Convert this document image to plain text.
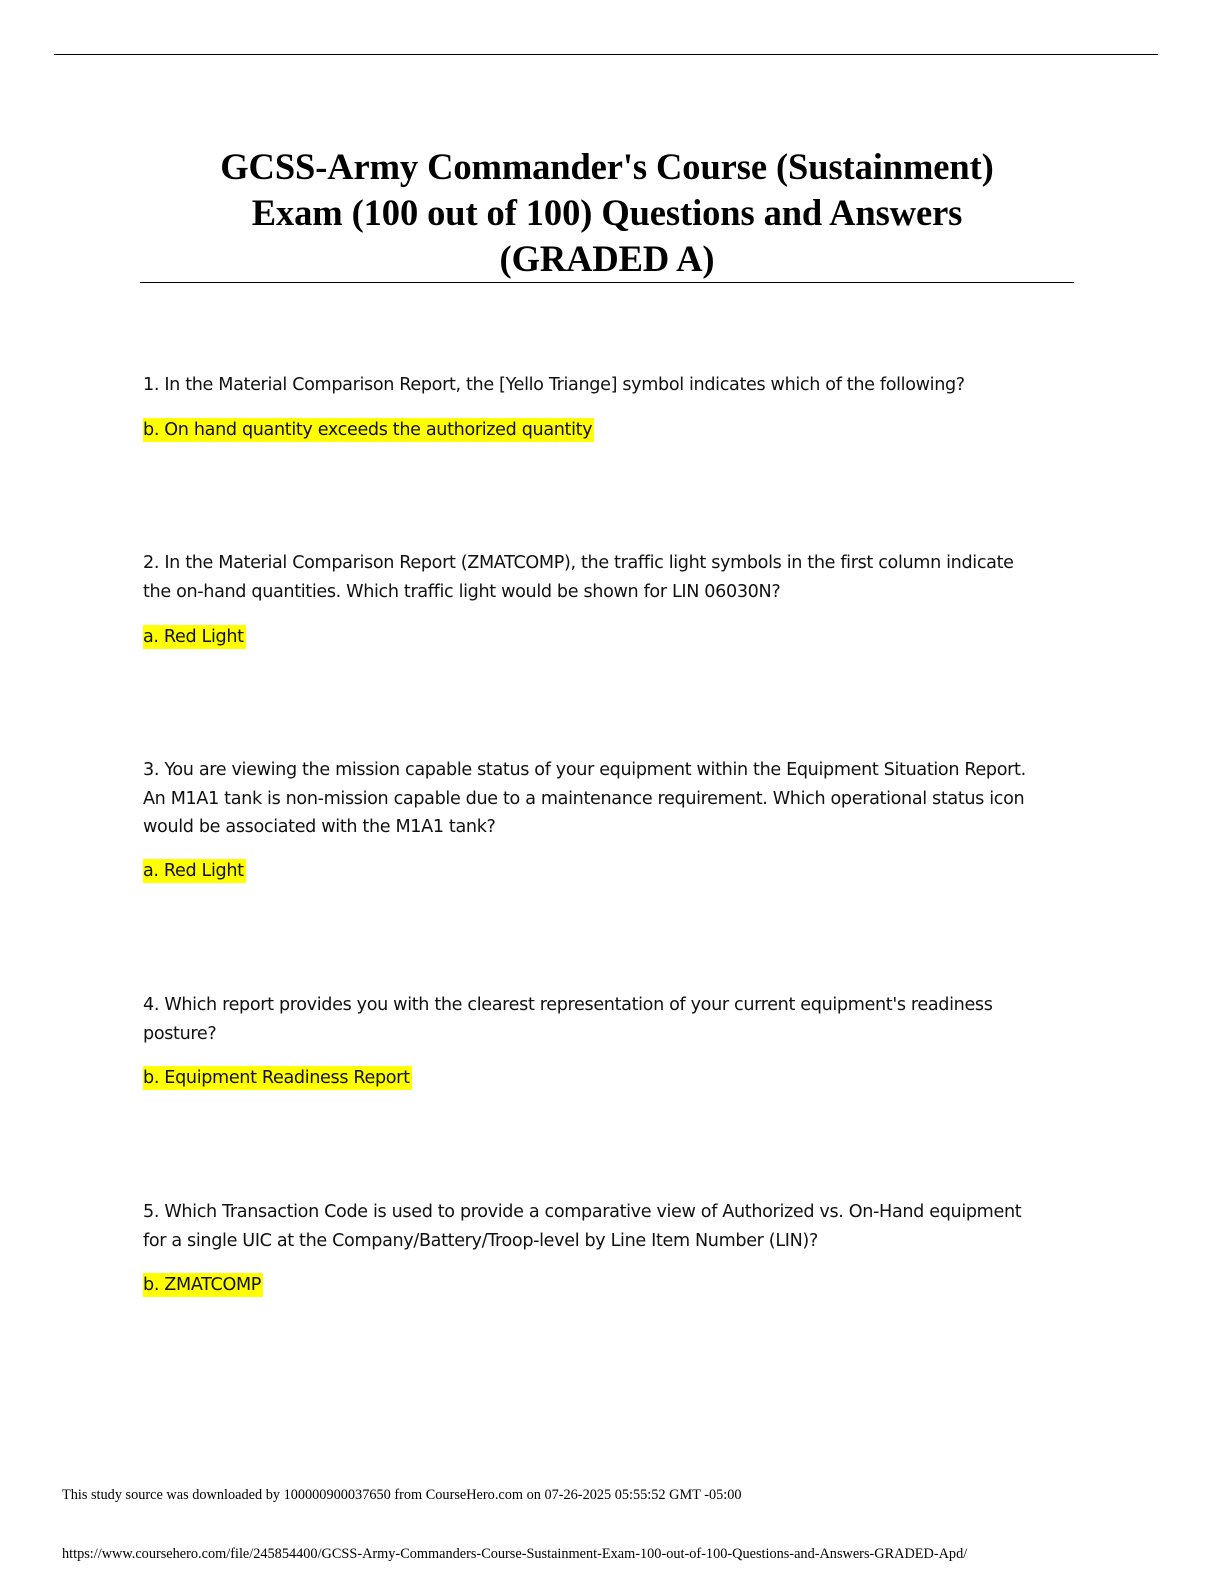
GCSS-Army Commander's Course (Sustainment)
Exam (100 out of 100) Questions and Answers
(GRADED A)
1. In the Material Comparison Report, the [Yello Triange] symbol indicates which of the following?
b. On hand quantity exceeds the authorized quantity
2. In the Material Comparison Report (ZMATCOMP), the traffic light symbols in the first column indicate
the on-hand quantities. Which traffic light would be shown for LIN 06030N?
a. Red Light
3. You are viewing the mission capable status of your equipment within the Equipment Situation Report.
An M1A1 tank is non-mission capable due to a maintenance requirement. Which operational status icon
would be associated with the M1A1 tank?
a. Red Light
4. Which report provides you with the clearest representation of your current equipment's readiness
posture?
b. Equipment Readiness Report
5. Which Transaction Code is used to provide a comparative view of Authorized vs. On-Hand equipment
for a single UIC at the Company/Battery/Troop-level by Line Item Number (LIN)?
b. ZMATCOMP
This study source was downloaded by 100000900037650 from CourseHero.com on 07-26-2025 05:55:52 GMT -05:00
https://www.coursehero.com/file/245854400/GCSS-Army-Commanders-Course-Sustainment-Exam-100-out-of-100-Questions-and-Answers-GRADED-Apd/
